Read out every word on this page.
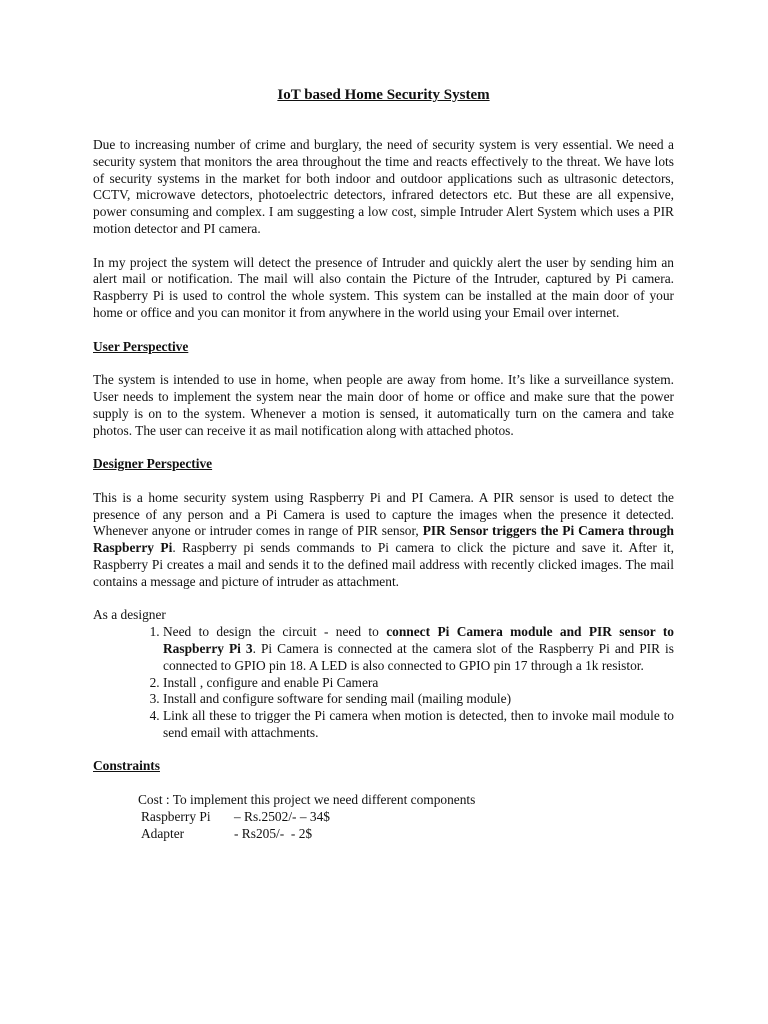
IoT based Home Security System

Due to increasing number of crime and burglary, the need of security system is very essential. We need a security system that monitors the area throughout the time and reacts effectively to the threat. We have lots of security systems in the market for both indoor and outdoor applications such as ultrasonic detectors, CCTV, microwave detectors, photoelectric detectors, infrared detectors etc. But these are all expensive, power consuming and complex. I am suggesting a low cost, simple Intruder Alert System which uses a PIR motion detector and PI camera.

In my project the system will detect the presence of Intruder and quickly alert the user by sending him an alert mail or notification. The mail will also contain the Picture of the Intruder, captured by Pi camera. Raspberry Pi is used to control the whole system. This system can be installed at the main door of your home or office and you can monitor it from anywhere in the world using your Email over internet.

User Perspective

The system is intended to use in home, when people are away from home. It’s like a surveillance system. User needs to implement the system near the main door of home or office and make sure that the power supply is on to the system. Whenever a motion is sensed, it automatically turn on the camera and take photos. The user can receive it as mail notification along with attached photos.

Designer Perspective

This is a home security system using Raspberry Pi and PI Camera. A PIR sensor is used to detect the presence of any person and a Pi Camera is used to capture the images when the presence it detected. Whenever anyone or intruder comes in range of PIR sensor, PIR Sensor triggers the Pi Camera through Raspberry Pi. Raspberry pi sends commands to Pi camera to click the picture and save it. After it, Raspberry Pi creates a mail and sends it to the defined mail address with recently clicked images. The mail contains a message and picture of intruder as attachment.

As a designer

1. Need to design the circuit - need to connect Pi Camera module and PIR sensor to Raspberry Pi 3. Pi Camera is connected at the camera slot of the Raspberry Pi and PIR is connected to GPIO pin 18. A LED is also connected to GPIO pin 17 through a 1k resistor.
2. Install , configure and enable Pi Camera
3. Install and configure software for sending mail (mailing module)
4. Link all these to trigger the Pi camera when motion is detected, then to invoke mail module to send email with attachments.
Constraints
Cost : To implement this project we need different components
Raspberry Pi – Rs.2502/- – 34$
Adapter	- Rs205/-  - 2$
